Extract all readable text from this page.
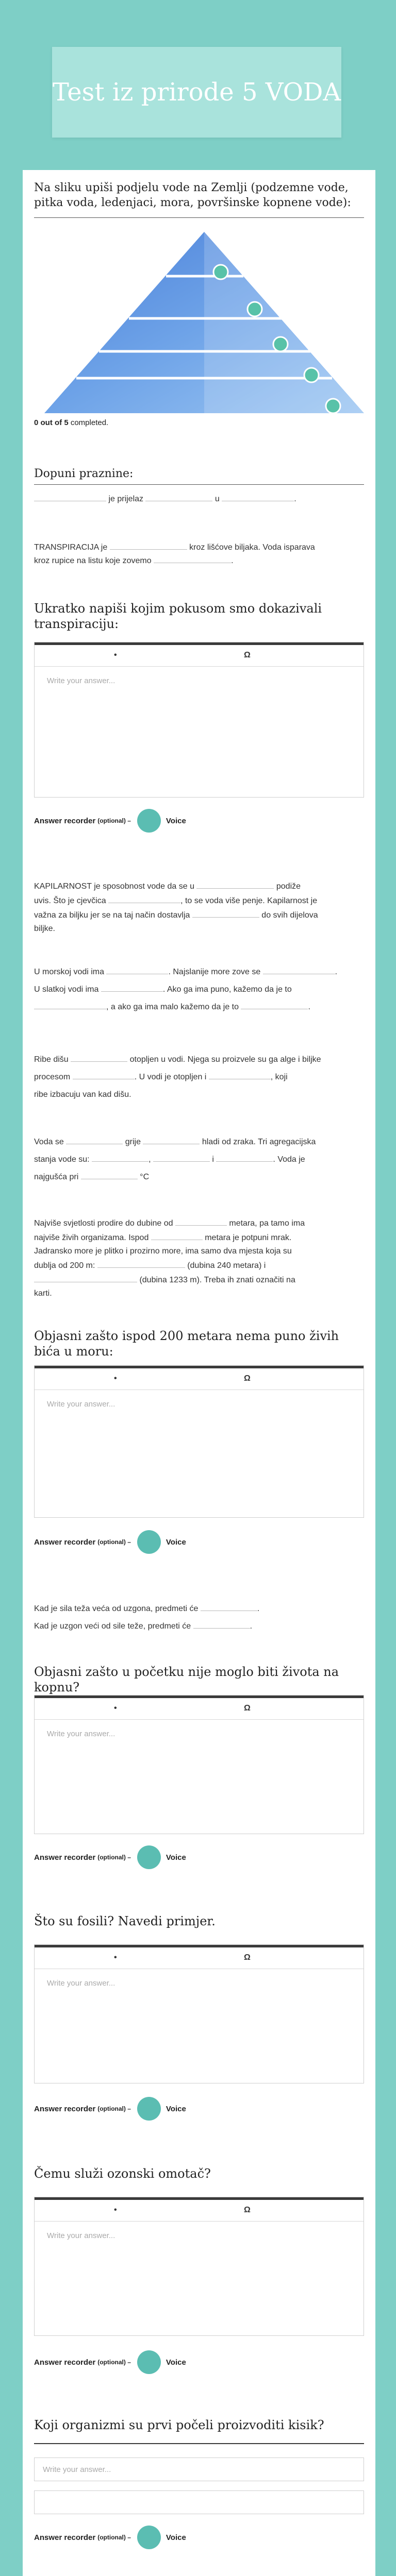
Test iz prirode 5 VODA
Na sliku upiši podjelu vode na Zemlji (podzemne vode, pitka voda, ledenjaci, mora, površinske kopnene vode):
0 out of 5 completed.
Dopuni praznine:
je prijelaz	u	.
TRANSPIRACIJA je	kroz lišćove biljaka. Voda isparava
kroz rupice na listu koje zovemo	.
Ukratko napiši kojim pokusom smo dokazivali transpiraciju:
•	Ω
Write your answer...
Answer recorder (optional) –	Voice
KAPILARNOST je sposobnost vode da se u	podiže
uvis. Što je cjevčica	, to se voda više penje. Kapilarnost je
važna za biljku jer se na taj način dostavlja	do svih dijelova
biljke.
U morskoj vodi ima	. Najslanije more zove se	.
U slatkoj vodi ima	. Ako ga ima puno, kažemo da je to
, a ako ga ima malo kažemo da je to	.
Ribe dišu	otopljen u vodi. Njega su proizvele su ga alge i biljke
procesom	. U vodi je otopljen i	, koji
ribe izbacuju van kad dišu.
Voda se	grije	hladi od zraka. Tri agregacijska
stanja vode su:	,	i	. Voda je
najgušća pri	°C
Najviše svjetlosti prodire do dubine od	metara, pa tamo ima
najviše živih organizama. Ispod	metara je potpuni mrak.
Jadransko more je plitko i prozirno more, ima samo dva mjesta koja su
dublja od 200 m:	(dubina 240 metara) i
(dubina 1233 m). Treba ih znati označiti na
karti.
Objasni zašto ispod 200 metara nema puno živih bića u moru:
•	Ω
Write your answer...
Answer recorder (optional) –	Voice
Kad je sila teža veća od uzgona, predmeti će	.
Kad je uzgon veći od sile teže, predmeti će	.
Objasni zašto u početku nije moglo biti života na kopnu?
•	Ω
Write your answer...
Answer recorder (optional) –	Voice
Što su fosili? Navedi primjer.
•	Ω
Write your answer...
Answer recorder (optional) –	Voice
Čemu služi ozonski omotač?
•	Ω
Write your answer...
Answer recorder (optional) –	Voice
Koji organizmi su prvi počeli proizvoditi kisik?
Write your answer...
Answer recorder (optional) –	Voice
